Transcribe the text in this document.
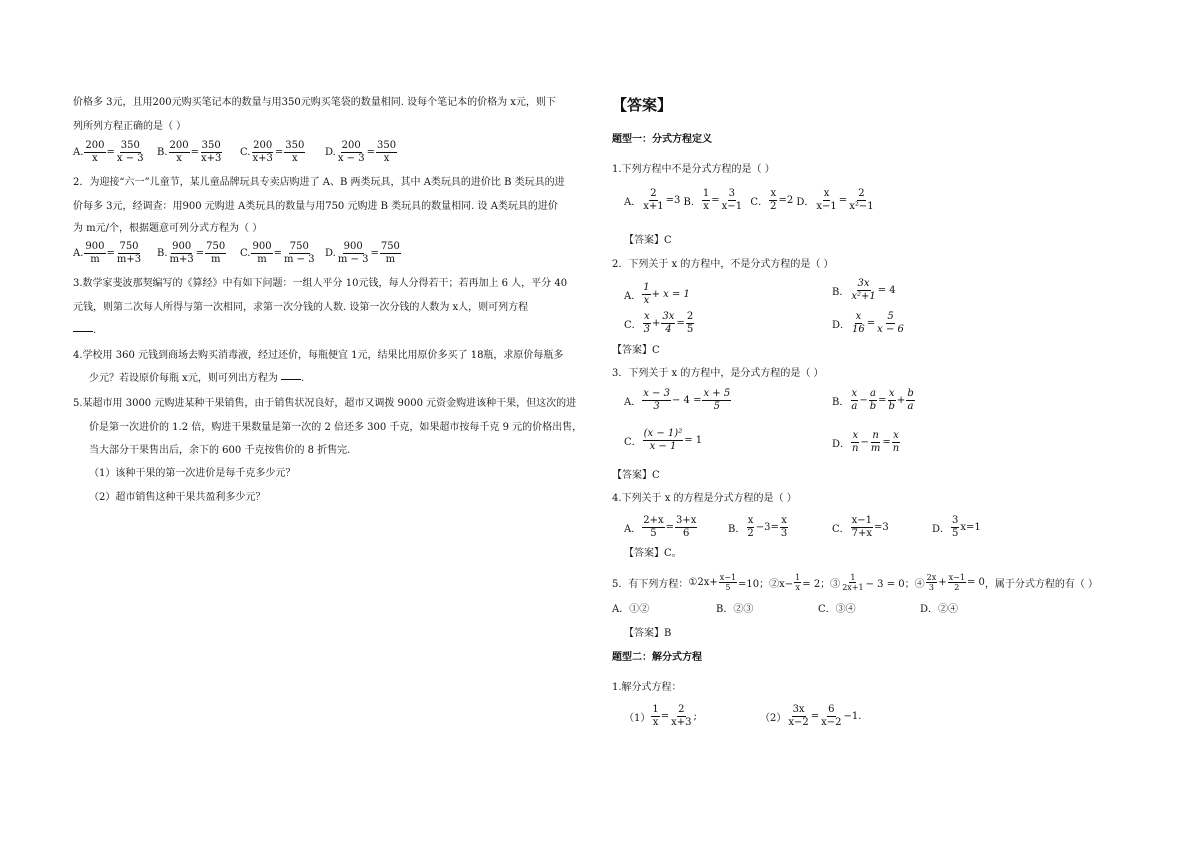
价格多 3元，且用200元购买笔记本的数量与用350元购买笔袋的数量相同. 设每个笔记本的价格为 x元，则下
列所列方程正确的是（ ）
A. $\frac{200}{x} = \frac{350}{x - 3} B$. $\frac{200}{x} = \frac{350}{x+3} C$. $\frac{200}{x+3} = \frac{350}{x} D$. $\frac{200}{x - 3} = \frac{350}{x}$
2．为迎接“六一”儿童节，某儿童品牌玩具专卖店购进了 A、B 两类玩具，其中 A类玩具的进价比 B 类玩具的进
价每多 3元，经调查：用900 元购进 A类玩具的数量与用750 元购进 B 类玩具的数量相同. 设 A类玩具的进价
为 m元/个，根据题意可列分式方程为（ ）
A. $\frac{900}{m} = \frac{750}{m+3} B$. $\frac{900}{m+3} = \frac{750}{m} C$. $\frac{900}{m} = \frac{750}{m - 3} D$. $\frac{900}{m - 3} = \frac{750}{m}$
3.数学家斐波那契编写的《算经》中有如下问题：一组人平分 10元钱，每人分得若干；若再加上 6 人，平分 40
元钱，则第二次每人所得与第一次相同，求第一次分钱的人数. 设第一次分钱的人数为 x人，则可列方程
.
4.学校用 360 元钱到商场去购买消毒液，经过还价，每瓶便宜 1元，结果比用原价多买了 18瓶，求原价每瓶多
少元？若设原价每瓶 x元，则可列出方程为
.
5.某超市用 3000 元购进某种干果销售，由于销售状况良好，超市又调拨 9000 元资金购进该种干果，但这次的进
价是第一次进价的 1.2 倍，购进干果数量是第一次的 2 倍还多 300 千克，如果超市按每千克 9 元的价格出售，
当大部分干果售出后，余下的 600 千克按售价的 8 折售完.
（1）该种干果的第一次进价是每千克多少元？
（2）超市销售这种干果共盈利多少元？
【答案】
题型一：分式方程定义
1.下列方程中不是分式方程的是（ ）
A． $\frac{2}{x+1} =3$ B． $\frac{1}{x} = \frac{3}{x-1}$ C． $\frac{x}{2} =2$ D． $\frac{x}{x-1} = \frac{2}{\text{x²−1}}$
【答案】C
2．下列关于 x 的方程中，不是分式方程的是（ ）
A． $\frac{1}{x} + x = 1$	B． $\frac{3x}{\text{x²+1}} = 4$
C． $\frac{x}{3} + \frac{3x}{4} = \frac{2}{5}$	D． $\frac{x}{16} = \frac{5}{x - 6}$
【答案】C
3．下列关于 x 的方程中，是分式方程的是（ ）
A． $\frac{x - 3}{3} - 4 = \frac{x + 5}{5}$	B． $\frac{x}{a} - \frac{a}{b} = \frac{x}{b} + \frac{b}{a}$
C． $\frac{\text{(x − 1)²}}{x - 1} = 1$	D． $\frac{x}{n} - \frac{n}{m} = \frac{x}{n}$
【答案】C
4.下列关于 x 的方程是分式方程的是（ ）
A． $\frac{2+x}{5} = \frac{3+x}{6}$	B． $\frac{x}{2} -3= \frac{x}{3}$	C． $\frac{x-1}{7+x} =3$	D． $\frac{3}{5} x=1$
【答案】C。
5．有下列方程： ①2x+ $\frac{x-1}{5} =10$；②x− $\frac{1}{x} = 2$；③ $\frac{1}{2x+1} - 3 = 0$；④ $\frac{2x}{3} + \frac{x-1}{2} = 0$ ，属于分式方程的有（ ）
A．①②	B．②③	C．③④	D．②④
【答案】B
题型二：解分式方程
1.解分式方程：
$(1) \frac{1}{x} = \frac{2}{x+3}$ ;	$(2) \frac{3x}{x-2} = \frac{6}{x-2} -1$.
